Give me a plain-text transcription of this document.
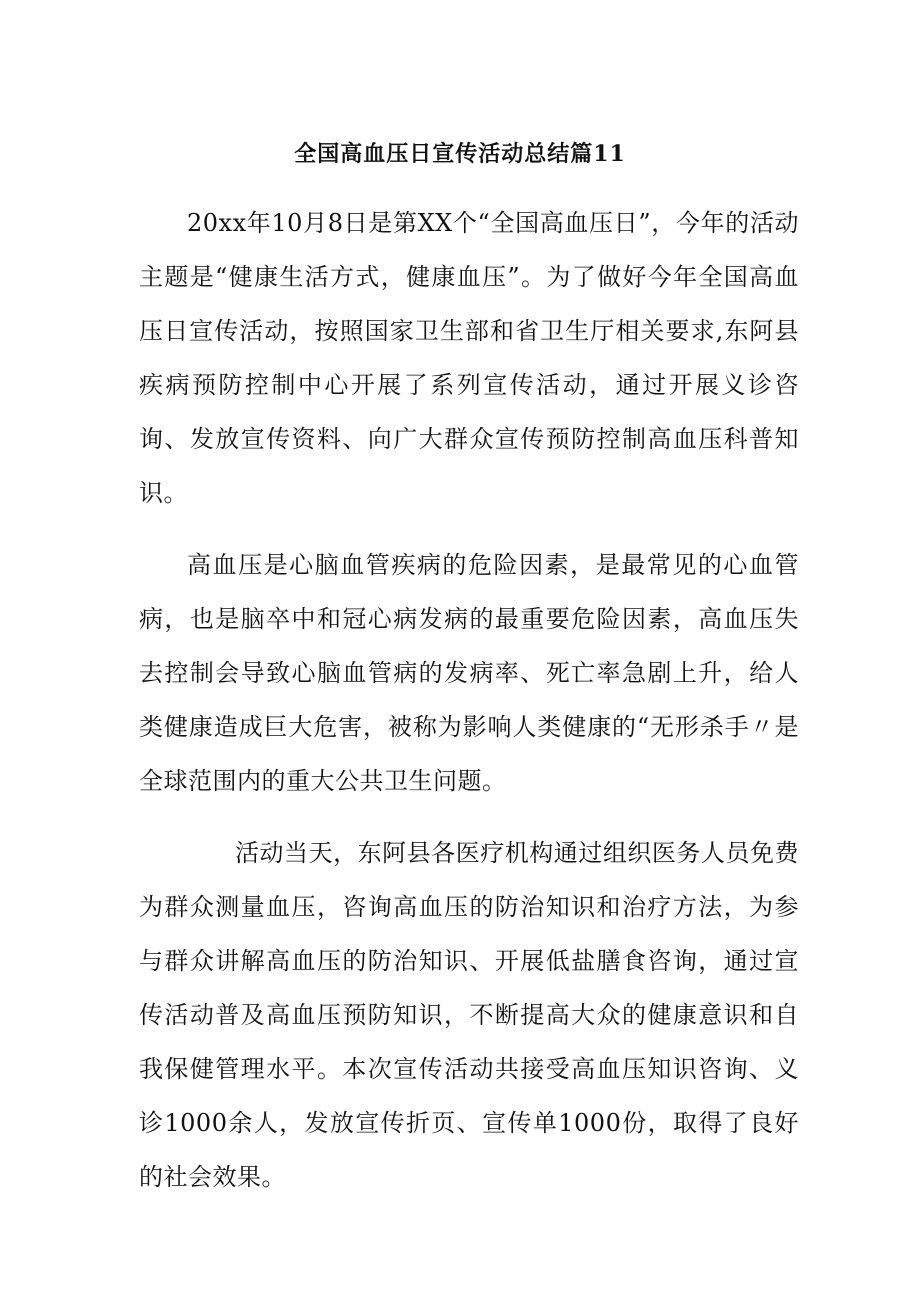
全国高血压日宣传活动总结篇11

20xx年10月8日是第XX个“全国高血压日”，今年的活动主题是“健康生活方式，健康血压”。为了做好今年全国高血压日宣传活动，按照国家卫生部和省卫生厅相关要求,东阿县疾病预防控制中心开展了系列宣传活动，通过开展义诊咨询、发放宣传资料、向广大群众宣传预防控制高血压科普知识。

高血压是心脑血管疾病的危险因素，是最常见的心血管病，也是脑卒中和冠心病发病的最重要危险因素，高血压失去控制会导致心脑血管病的发病率、死亡率急剧上升，给人类健康造成巨大危害，被称为影响人类健康的“无形杀手〃是全球范围内的重大公共卫生问题。

活动当天，东阿县各医疗机构通过组织医务人员免费为群众测量血压，咨询高血压的防治知识和治疗方法，为参与群众讲解高血压的防治知识、开展低盐膳食咨询，通过宣传活动普及高血压预防知识，不断提高大众的健康意识和自我保健管理水平。本次宣传活动共接受高血压知识咨询、义诊1000余人，发放宣传折页、宣传单1000份，取得了良好的社会效果。
